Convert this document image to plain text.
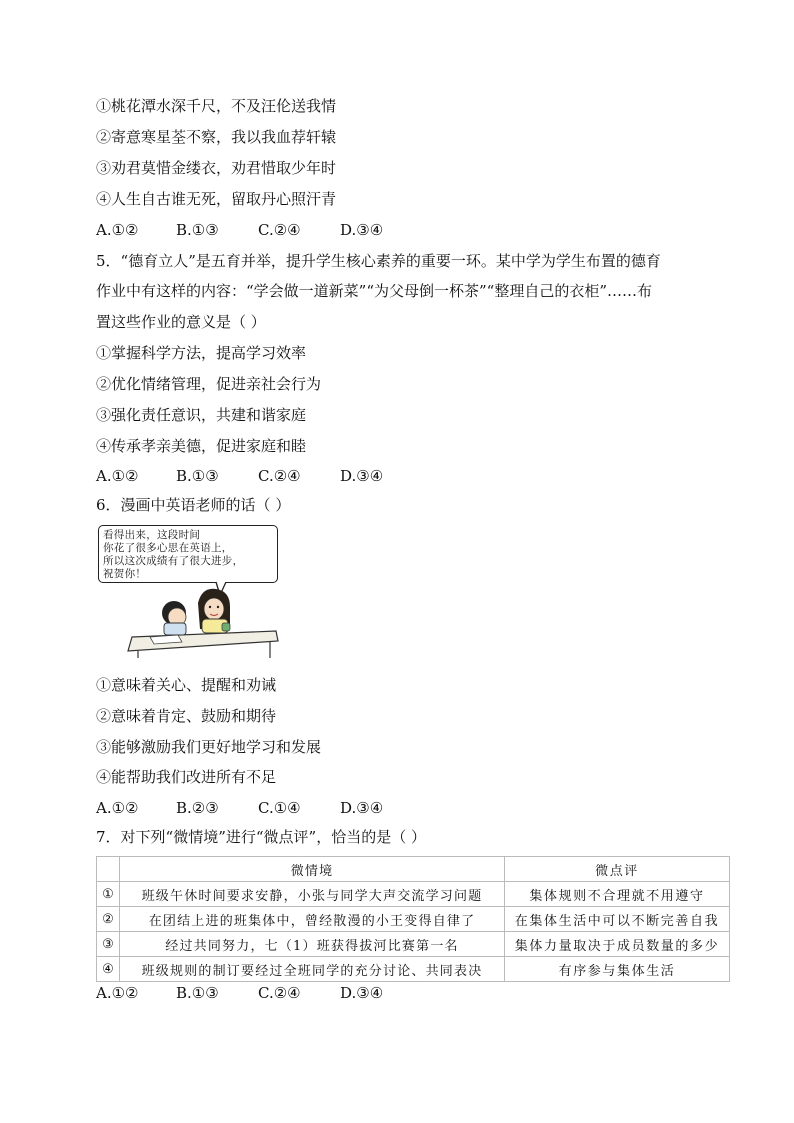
①桃花潭水深千尺，不及汪伦送我情
②寄意寒星荃不察，我以我血荐轩辕
③劝君莫惜金缕衣，劝君惜取少年时
④人生自古谁无死，留取丹心照汗青
A.①②	B.①③	C.②④	D.③④
5．“德育立人”是五育并举，提升学生核心素养的重要一环。某中学为学生布置的德育
作业中有这样的内容：“学会做一道新菜”“为父母倒一杯茶”“整理自己的衣柜”……布
置这些作业的意义是（ ）
①掌握科学方法，提高学习效率
②优化情绪管理，促进亲社会行为
③强化责任意识，共建和谐家庭
④传承孝亲美德，促进家庭和睦
A.①②	B.①③	C.②④	D.③④
6．漫画中英语老师的话（ ）
看得出来，这段时间
你花了很多心思在英语上，
所以这次成绩有了很大进步，
祝贺你！
①意味着关心、提醒和劝诫
②意味着肯定、鼓励和期待
③能够激励我们更好地学习和发展
④能帮助我们改进所有不足
A.①②	B.②③	C.①④	D.③④
7．对下列“微情境”进行“微点评”，恰当的是（ ）
	微情境	微点评
①	班级午休时间要求安静，小张与同学大声交流学习问题	集体规则不合理就不用遵守
②	在团结上进的班集体中，曾经散漫的小王变得自律了	在集体生活中可以不断完善自我
③	经过共同努力，七（1）班获得拔河比赛第一名	集体力量取决于成员数量的多少
④	班级规则的制订要经过全班同学的充分讨论、共同表决	有序参与集体生活
A.①②	B.①③	C.②④	D.③④
